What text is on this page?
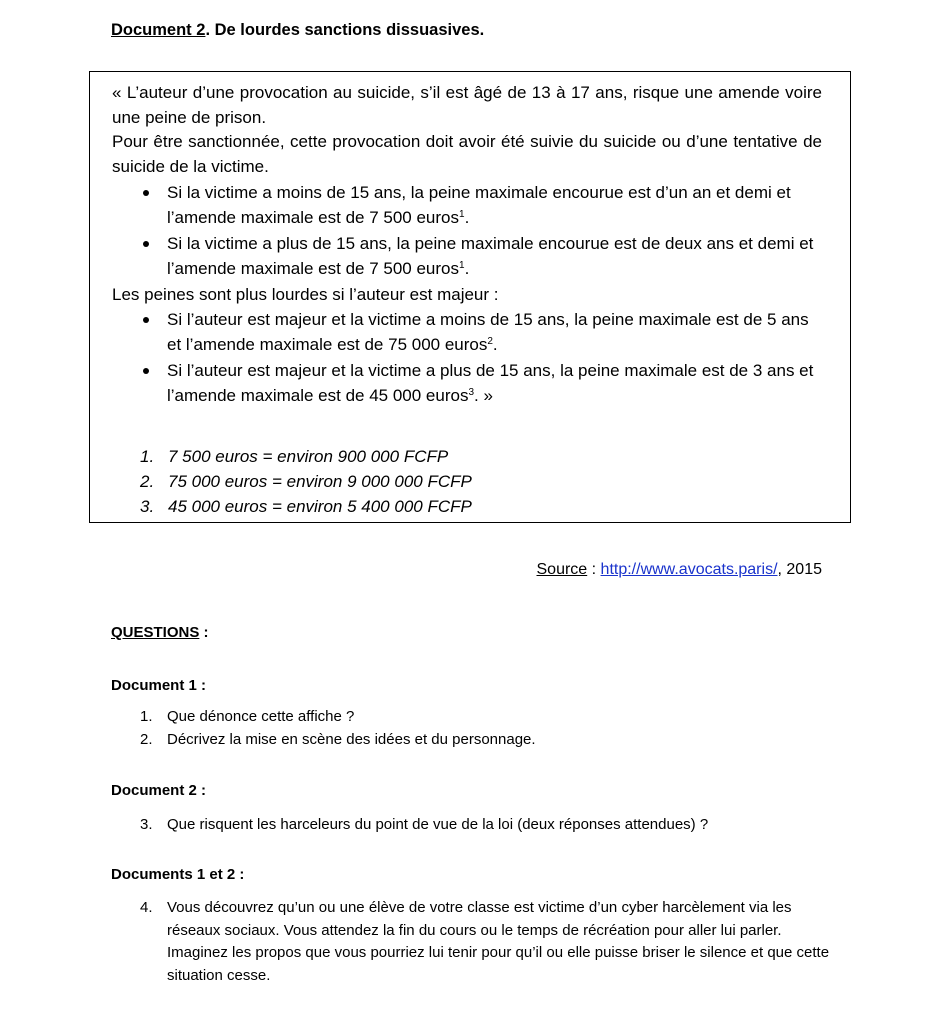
Document 2. De lourdes sanctions dissuasives.
« L’auteur d’une provocation au suicide, s’il est âgé de 13 à 17 ans, risque une amende voire une peine de prison.
Pour être sanctionnée, cette provocation doit avoir été suivie du suicide ou d’une tentative de suicide de la victime.
Si la victime a moins de 15 ans, la peine maximale encourue est d’un an et demi et l’amende maximale est de 7 500 euros$^1$.
Si la victime a plus de 15 ans, la peine maximale encourue est de deux ans et demi et l’amende maximale est de 7 500 euros$^1$.
Les peines sont plus lourdes si l’auteur est majeur :
Si l’auteur est majeur et la victime a moins de 15 ans, la peine maximale est de 5 ans et l’amende maximale est de 75 000 euros$^2$.
Si l’auteur est majeur et la victime a plus de 15 ans, la peine maximale est de 3 ans et l’amende maximale est de 45 000 euros$^3$. »
1. 7 500 euros = environ 900 000 FCFP
2. 75 000 euros = environ 9 000 000 FCFP
3. 45 000 euros = environ 5 400 000 FCFP
Source : http://www.avocats.paris/, 2015
QUESTIONS :
Document 1 :
1. Que dénonce cette affiche ?
2. Décrivez la mise en scène des idées et du personnage.
Document 2 :
3. Que risquent les harceleurs du point de vue de la loi (deux réponses attendues) ?
Documents 1 et 2 :
4. Vous découvrez qu’un ou une élève de votre classe est victime d’un cyber harcèlement via les réseaux sociaux. Vous attendez la fin du cours ou le temps de récréation pour aller lui parler.
Imaginez les propos que vous pourriez lui tenir pour qu’il ou elle puisse briser le silence et que cette situation cesse.
